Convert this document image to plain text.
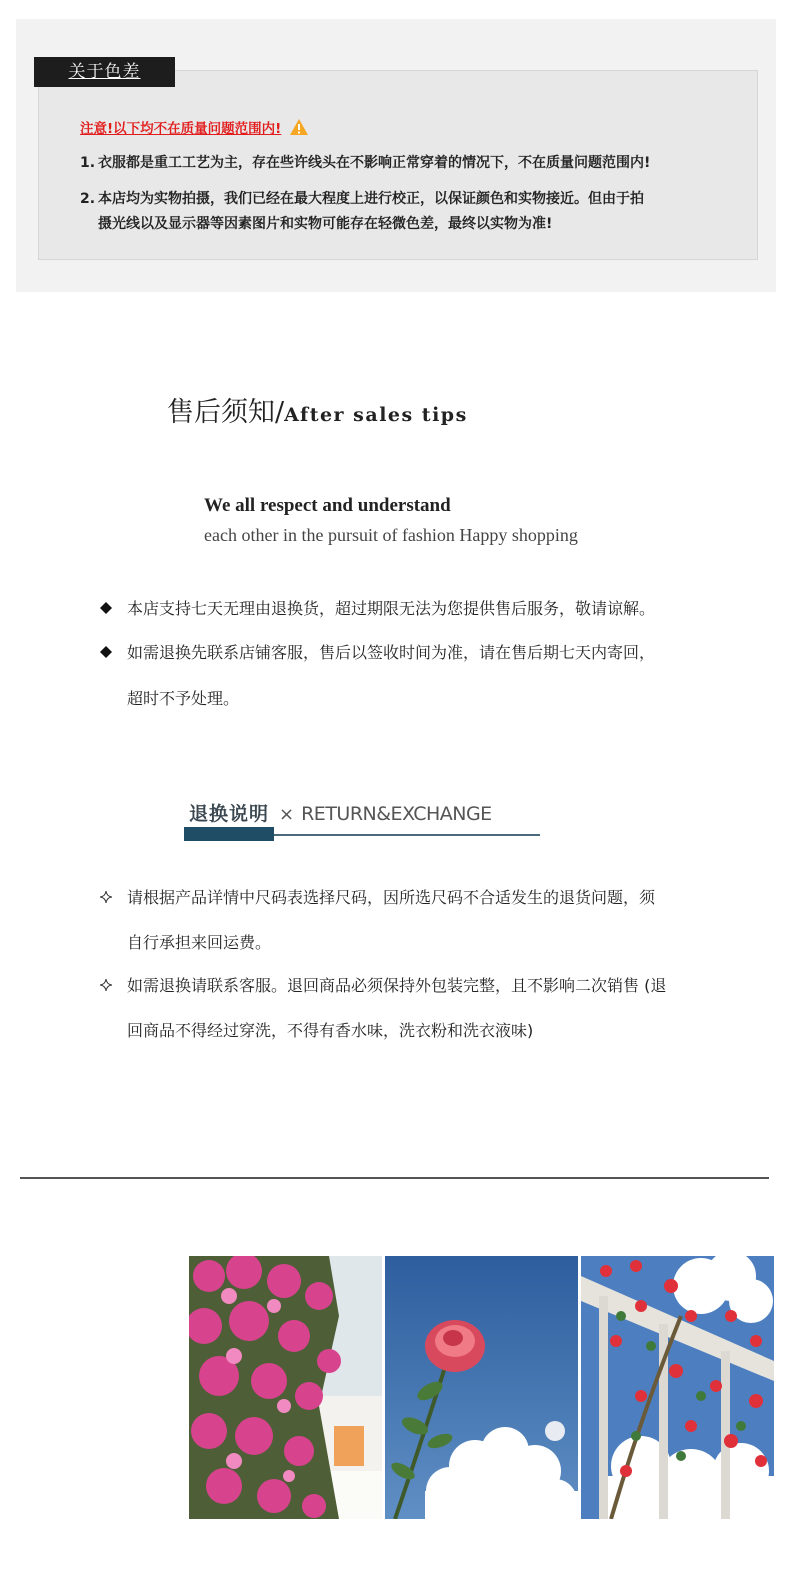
关于色差
注意!以下均不在质量问题范围内!
1. 衣服都是重工工艺为主，存在些许线头在不影响正常穿着的情况下，不在质量问题范围内!
2. 本店均为实物拍摄，我们已经在最大程度上进行校正，以保证颜色和实物接近。但由于拍
摄光线以及显示器等因素图片和实物可能存在轻微色差，最终以实物为准!
售后须知/After sales tips
We all respect and understand
each other in the pursuit of fashion Happy shopping
本店支持七天无理由退换货，超过期限无法为您提供售后服务，敬请谅解。
如需退换先联系店铺客服，售后以签收时间为准，请在售后期七天内寄回，
超时不予处理。
退换说明 × RETURN&EXCHANGE
请根据产品详情中尺码表选择尺码，因所选尺码不合适发生的退货问题，须
自行承担来回运费。
如需退换请联系客服。退回商品必须保持外包装完整，且不影响二次销售 (退
回商品不得经过穿洗，不得有香水味，洗衣粉和洗衣液味)
